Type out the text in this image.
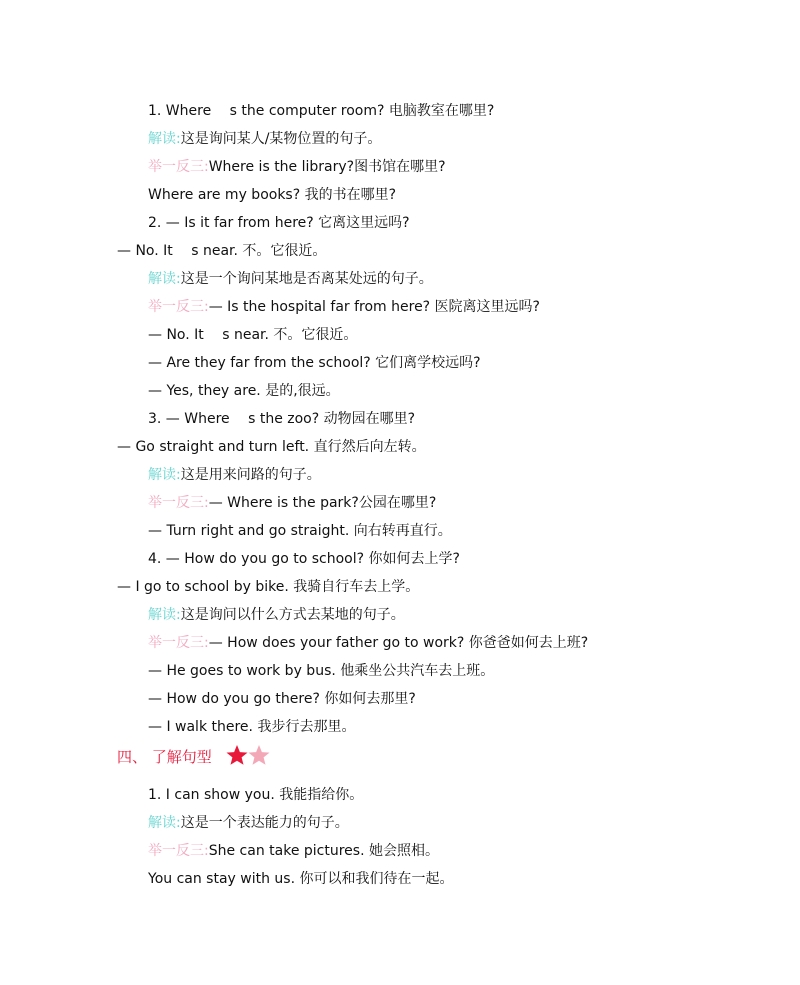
1. Where　 s the computer room? 电脑教室在哪里?
解读:这是询问某人/某物位置的句子。
举一反三:Where is the library?图书馆在哪里?
Where are my books? 我的书在哪里?
2. — Is it far from here? 它离这里远吗?
— No. It　 s near. 不。它很近。
解读:这是一个询问某地是否离某处远的句子。
举一反三:— Is the hospital far from here? 医院离这里远吗?
— No. It　 s near. 不。它很近。
— Are they far from the school? 它们离学校远吗?
— Yes, they are. 是的,很远。
3. — Where　 s the zoo? 动物园在哪里?
— Go straight and turn left. 直行然后向左转。
解读:这是用来问路的句子。
举一反三:— Where is the park?公园在哪里?
— Turn right and go straight. 向右转再直行。
4. — How do you go to school? 你如何去上学?
— I go to school by bike. 我骑自行车去上学。
解读:这是询问以什么方式去某地的句子。
举一反三:— How does your father go to work? 你爸爸如何去上班?
— He goes to work by bus. 他乘坐公共汽车去上班。
— How do you go there? 你如何去那里?
— I walk there. 我步行去那里。
四、 了解句型
1. I can show you. 我能指给你。
解读:这是一个表达能力的句子。
举一反三:She can take pictures. 她会照相。
You can stay with us. 你可以和我们待在一起。
